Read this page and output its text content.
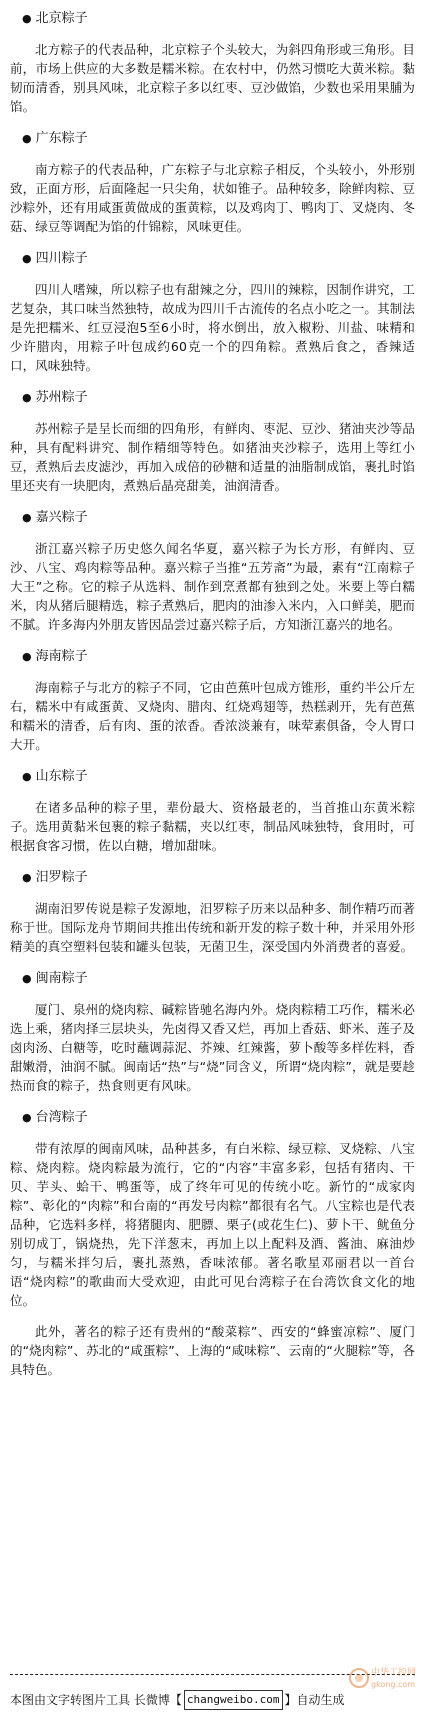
● 北京粽子

北方粽子的代表品种，北京粽子个头较大，为斜四角形或三角形。目前，市场上供应的大多数是糯米粽。在农村中，仍然习惯吃大黄米粽。黏韧而清香，别具风味，北京粽子多以红枣、豆沙做馅，少数也采用果脯为馅。

● 广东粽子

南方粽子的代表品种，广东粽子与北京粽子相反，个头较小，外形别致，正面方形，后面隆起一只尖角，状如锥子。品种较多，除鲜肉粽、豆沙粽外，还有用咸蛋黄做成的蛋黄粽，以及鸡肉丁、鸭肉丁、叉烧肉、冬菇、绿豆等调配为馅的什锦粽，风味更佳。

● 四川粽子

四川人嗜辣，所以粽子也有甜辣之分，四川的辣粽，因制作讲究，工艺复杂，其口味当然独特，故成为四川千古流传的名点小吃之一。其制法是先把糯米、红豆浸泡5至6小时，将水倒出，放入椒粉、川盐、味精和少许腊肉，用粽子叶包成约60克一个的四角粽。煮熟后食之，香辣适口，风味独特。

● 苏州粽子

苏州粽子是呈长而细的四角形，有鲜肉、枣泥、豆沙、猪油夹沙等品种，具有配料讲究、制作精细等特色。如猪油夹沙粽子，选用上等红小豆，煮熟后去皮滤沙，再加入成倍的砂糖和适量的油脂制成馅，裹扎时馅里还夹有一块肥肉，煮熟后晶亮甜美，油润清香。

● 嘉兴粽子

浙江嘉兴粽子历史悠久闻名华夏，嘉兴粽子为长方形，有鲜肉、豆沙、八宝、鸡肉粽等品种。嘉兴粽子当推“五芳斋”为最，素有“江南粽子大王”之称。它的粽子从选料、制作到烹煮都有独到之处。米要上等白糯米，肉从猪后腿精选，粽子煮熟后，肥肉的油渗入米内，入口鲜美，肥而不腻。许多海内外朋友皆因品尝过嘉兴粽子后，方知浙江嘉兴的地名。

● 海南粽子

海南粽子与北方的粽子不同，它由芭蕉叶包成方锥形，重约半公斤左右，糯米中有咸蛋黄、叉烧肉、腊肉、红烧鸡翅等，热糕剥开，先有芭蕉和糯米的清香，后有肉、蛋的浓香。香浓淡兼有，味荤素俱备，令人胃口大开。

● 山东粽子

在诸多品种的粽子里，辈份最大、资格最老的，当首推山东黄米粽子。选用黄黏米包裹的粽子黏糯，夹以红枣，制品风味独特，食用时，可根据食客习惯，佐以白糖，增加甜味。

● 汨罗粽子

湖南汨罗传说是粽子发源地，汨罗粽子历来以品种多、制作精巧而著称于世。国际龙舟节期间共推出传统和新开发的粽子数十种，并采用外形精美的真空塑料包装和罐头包装，无菌卫生，深受国内外消费者的喜爱。

● 闽南粽子

厦门、泉州的烧肉粽、碱粽皆驰名海内外。烧肉粽精工巧作，糯米必选上乘，猪肉择三层块头，先卤得又香又烂，再加上香菇、虾米、莲子及卤肉汤、白糖等，吃时蘸调蒜泥、芥辣、红辣酱，萝卜酸等多样佐料，香甜嫩滑，油润不腻。闽南话“热”与“烧”同含义，所谓“烧肉粽”，就是要趁热而食的粽子，热食则更有风味。

● 台湾粽子

带有浓厚的闽南风味，品种甚多，有白米粽、绿豆粽、叉烧粽、八宝粽、烧肉粽。烧肉粽最为流行，它的“内容”丰富多彩，包括有猪肉、干贝、芋头、蛤干、鸭蛋等，成了终年可见的传统小吃。新竹的“成家肉粽”、彰化的“肉粽”和台南的“再发号肉粽”都很有名气。八宝粽也是代表品种，它选料多样，将猪腿肉、肥膘、栗子(或花生仁)、萝卜干、鱿鱼分别切成丁，锅烧热，先下洋葱末，再加上以上配料及酒、酱油、麻油炒匀，与糯米拌匀后，裹扎蒸熟，香味浓郁。著名歌星邓丽君以一首台语“烧肉粽”的歌曲而大受欢迎，由此可见台湾粽子在台湾饮食文化的地位。

此外，著名的粽子还有贵州的“酸菜粽”、西安的“蜂蜜凉粽”、厦门的“烧肉粽”、苏北的“咸蛋粽”、上海的“咸味粽”、云南的“火腿粽”等，各具特色。

本图由文字转图片工具 长微博【 changweibo.com 】自动生成
中华工控网
gkong.com
